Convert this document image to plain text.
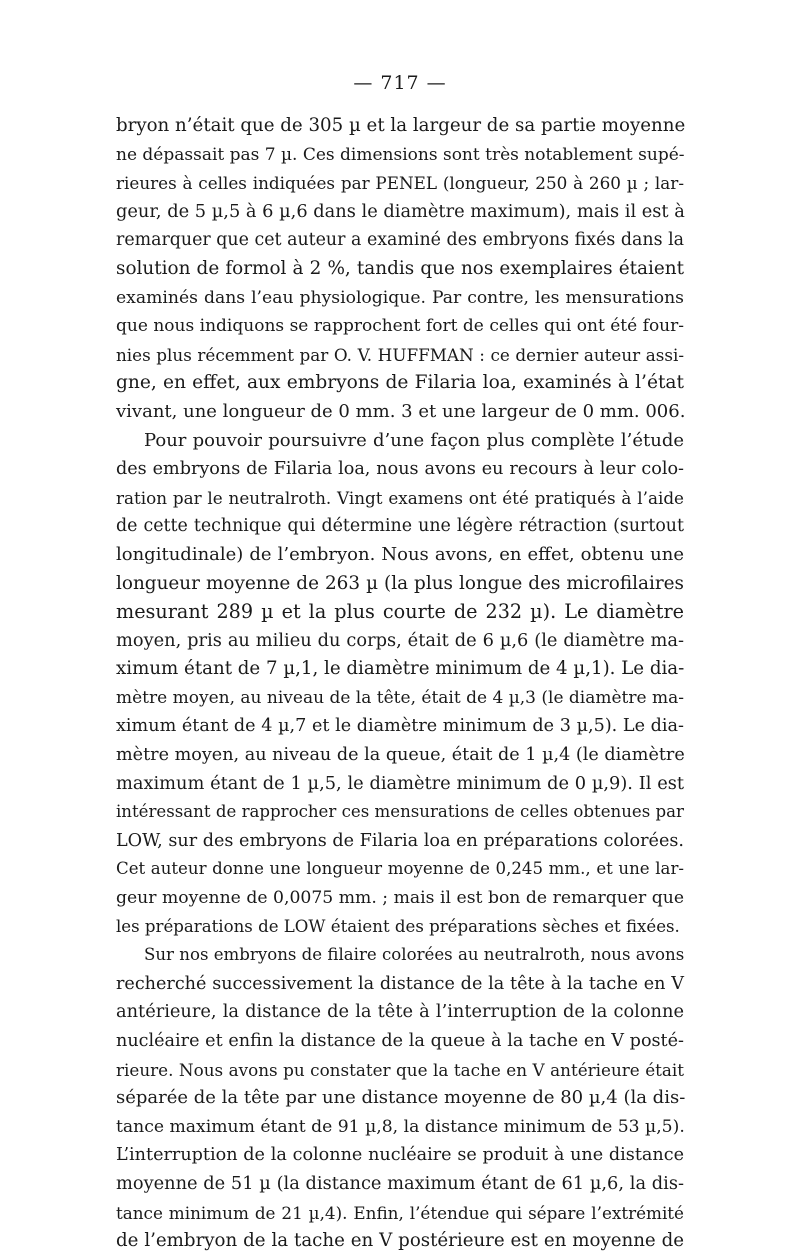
— 717 —
bryon n’était que de 305 µ et la largeur de sa partie moyenne
ne dépassait pas 7 µ. Ces dimensions sont très notablement supé-
rieures à celles indiquées par PENEL (longueur, 250 à 260 µ ; lar-
geur, de 5 µ,5 à 6 µ,6 dans le diamètre maximum), mais il est à
remarquer que cet auteur a examiné des embryons fixés dans la
solution de formol à 2 %, tandis que nos exemplaires étaient
examinés dans l’eau physiologique. Par contre, les mensurations
que nous indiquons se rapprochent fort de celles qui ont été four-
nies plus récemment par O. V. HUFFMAN : ce dernier auteur assi-
gne, en effet, aux embryons de Filaria loa, examinés à l’état
vivant, une longueur de 0 mm. 3 et une largeur de 0 mm. 006.
Pour pouvoir poursuivre d’une façon plus complète l’étude
des embryons de Filaria loa, nous avons eu recours à leur colo-
ration par le neutralroth. Vingt examens ont été pratiqués à l’aide
de cette technique qui détermine une légère rétraction (surtout
longitudinale) de l’embryon. Nous avons, en effet, obtenu une
longueur moyenne de 263 µ (la plus longue des microfilaires
mesurant 289 µ et la plus courte de 232 µ). Le diamètre
moyen, pris au milieu du corps, était de 6 µ,6 (le diamètre ma-
ximum étant de 7 µ,1, le diamètre minimum de 4 µ,1). Le dia-
mètre moyen, au niveau de la tête, était de 4 µ,3 (le diamètre ma-
ximum étant de 4 µ,7 et le diamètre minimum de 3 µ,5). Le dia-
mètre moyen, au niveau de la queue, était de 1 µ,4 (le diamètre
maximum étant de 1 µ,5, le diamètre minimum de 0 µ,9). Il est
intéressant de rapprocher ces mensurations de celles obtenues par
LOW, sur des embryons de Filaria loa en préparations colorées.
Cet auteur donne une longueur moyenne de 0,245 mm., et une lar-
geur moyenne de 0,0075 mm. ; mais il est bon de remarquer que
les préparations de LOW étaient des préparations sèches et fixées.
Sur nos embryons de filaire colorées au neutralroth, nous avons
recherché successivement la distance de la tête à la tache en V
antérieure, la distance de la tête à l’interruption de la colonne
nucléaire et enfin la distance de la queue à la tache en V posté-
rieure. Nous avons pu constater que la tache en V antérieure était
séparée de la tête par une distance moyenne de 80 µ,4 (la dis-
tance maximum étant de 91 µ,8, la distance minimum de 53 µ,5).
L’interruption de la colonne nucléaire se produit à une distance
moyenne de 51 µ (la distance maximum étant de 61 µ,6, la dis-
tance minimum de 21 µ,4). Enfin, l’étendue qui sépare l’extrémité
de l’embryon de la tache en V postérieure est en moyenne de
